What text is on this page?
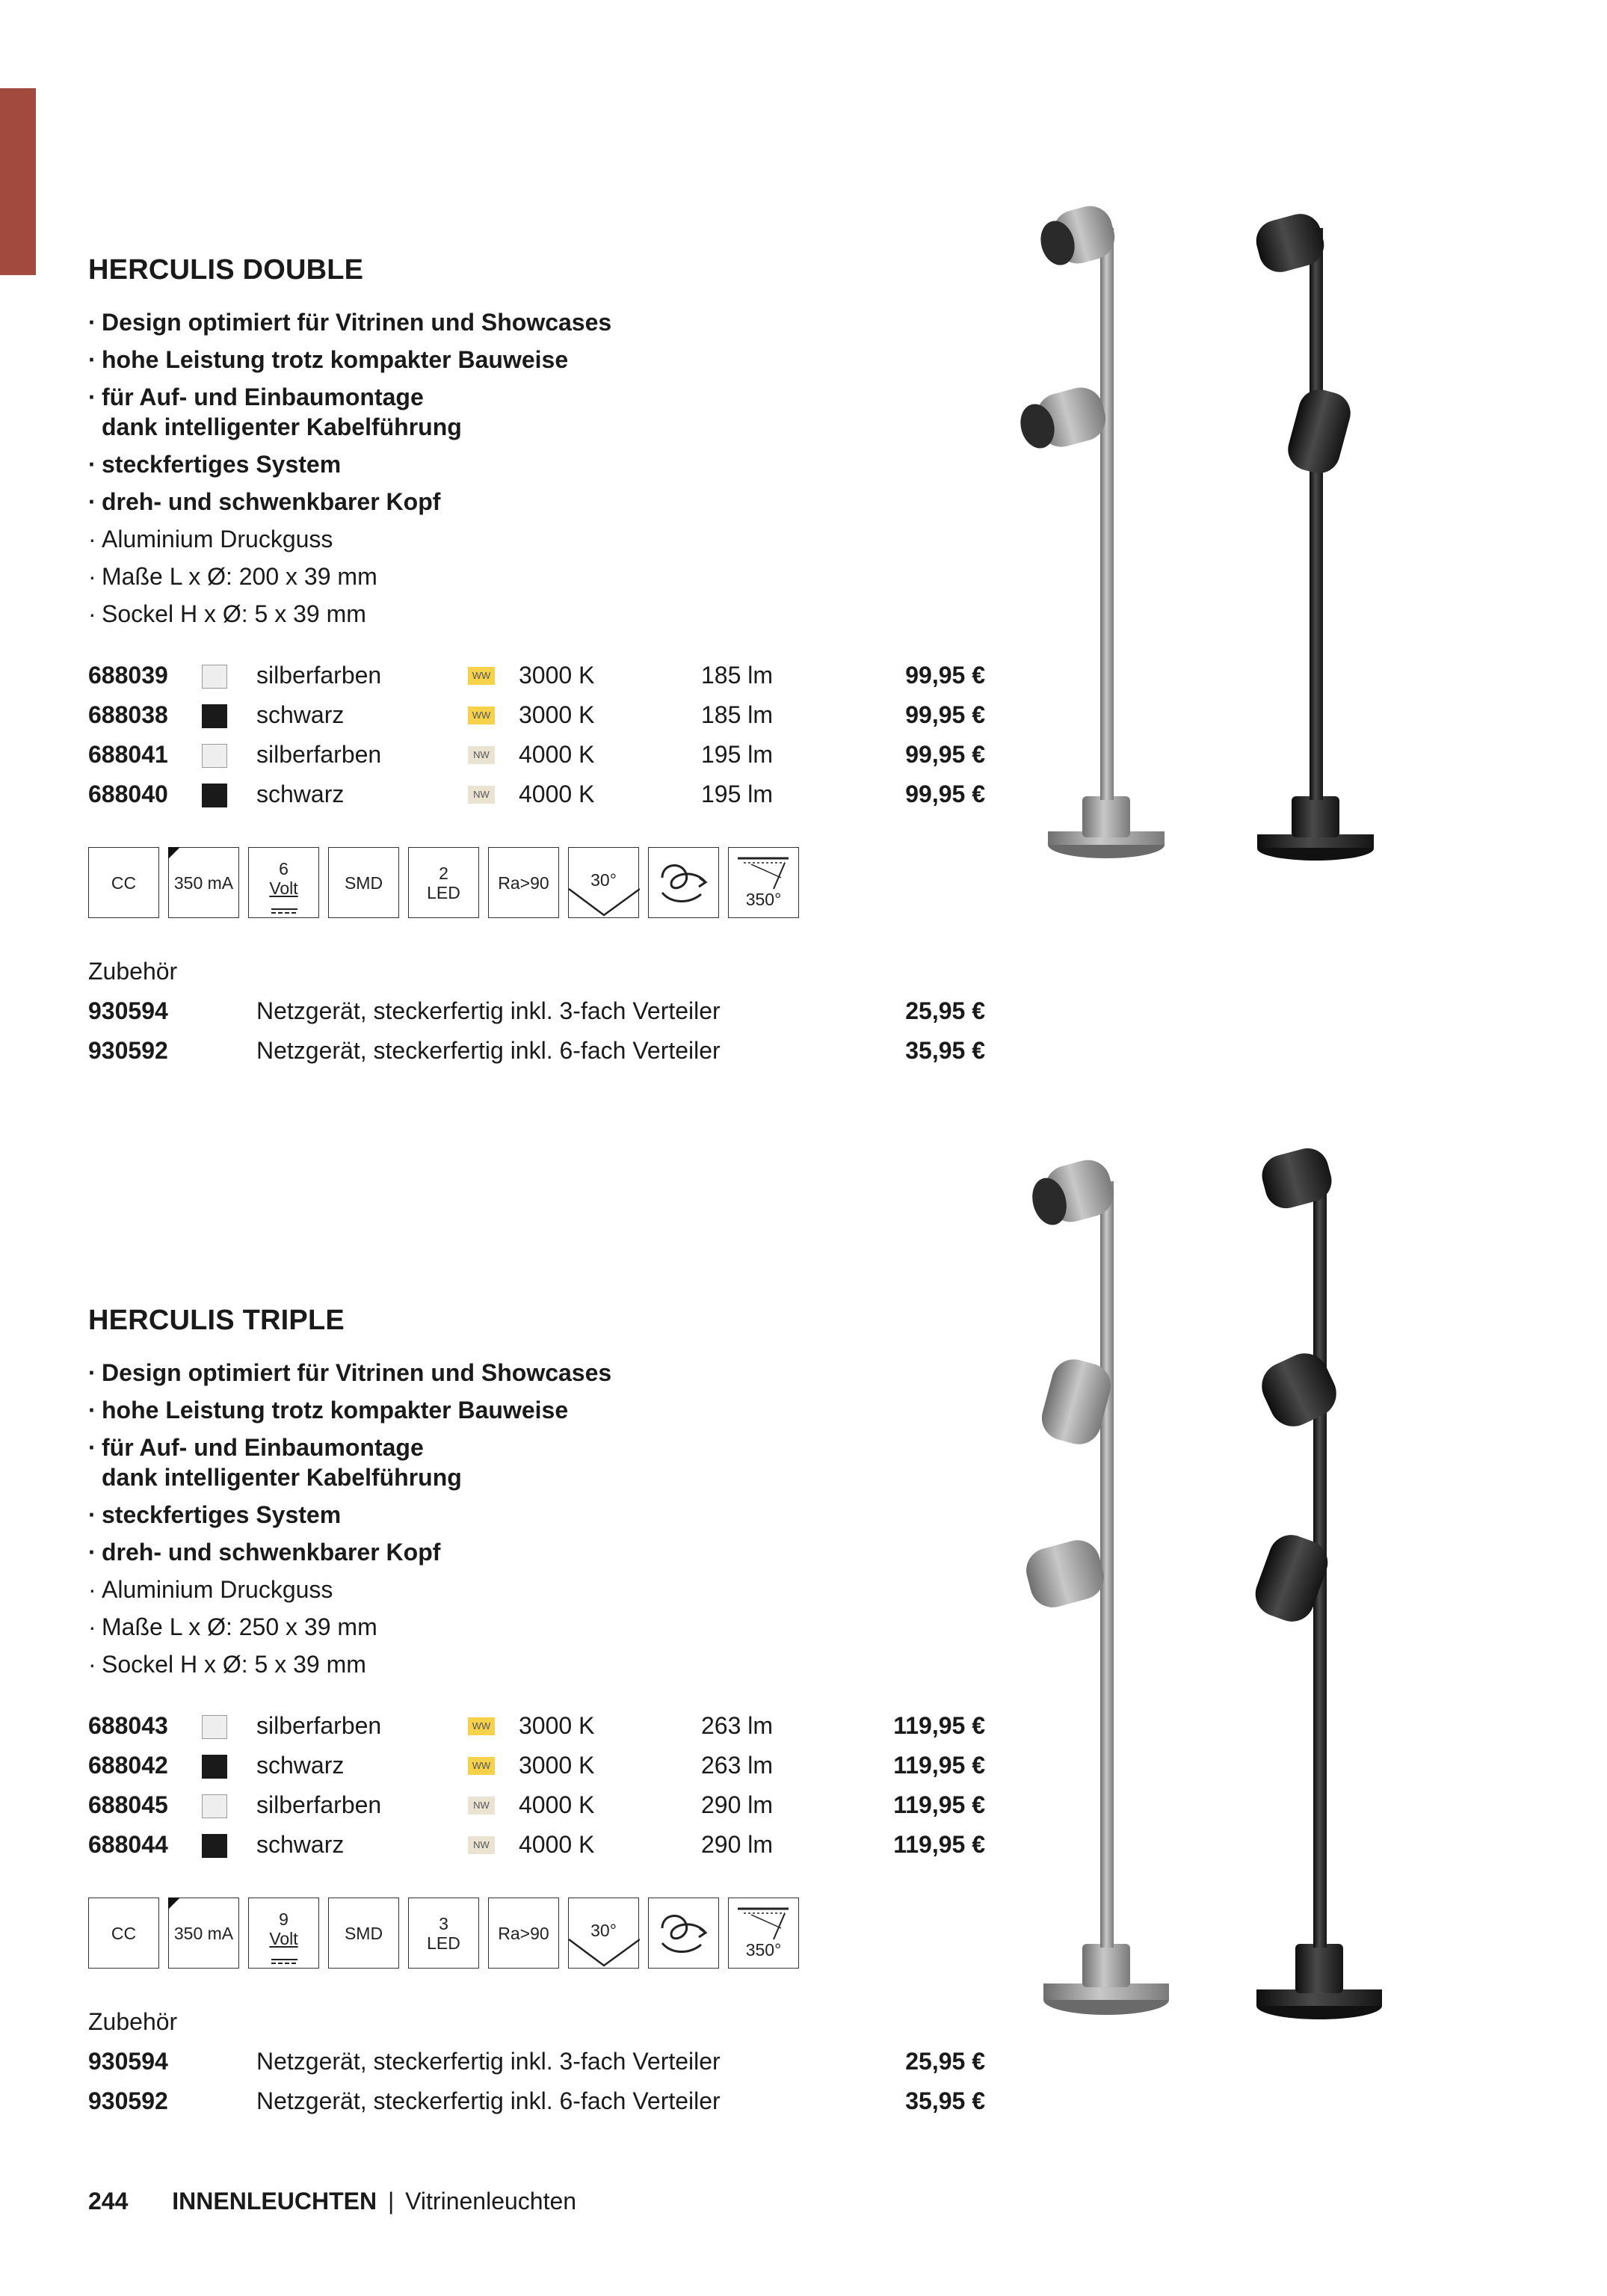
HERCULIS DOUBLE
· Design optimiert für Vitrinen und Showcases
· hohe Leistung trotz kompakter Bauweise
· für Auf- und Einbaumontage
dank intelligenter Kabelführung
· steckfertiges System
· dreh- und schwenkbarer Kopf
· Aluminium Druckguss
· Maße L x Ø: 200 x 39 mm
· Sockel H x Ø: 5 x 39 mm
688039	silberfarben	WW 3000 K	185 lm	99,95 €
688038	schwarz	WW 3000 K	185 lm	99,95 €
688041	silberfarben	NW 4000 K	195 lm	99,95 €
688040	schwarz	NW 4000 K	195 lm	99,95 €
CC	350 mA
6
Volt	SMD	2
LED	Ra>90	30°
350°
Zubehör
930594	Netzgerät, steckerfertig inkl. 3-fach Verteiler	25,95 €
930592	Netzgerät, steckerfertig inkl. 6-fach Verteiler	35,95 €
HERCULIS TRIPLE
· Design optimiert für Vitrinen und Showcases
· hohe Leistung trotz kompakter Bauweise
· für Auf- und Einbaumontage
dank intelligenter Kabelführung
· steckfertiges System
· dreh- und schwenkbarer Kopf
· Aluminium Druckguss
· Maße L x Ø: 250 x 39 mm
· Sockel H x Ø: 5 x 39 mm
688043	silberfarben	WW 3000 K	263 lm	119,95 €
688042	schwarz	WW 3000 K	263 lm	119,95 €
688045	silberfarben	NW 4000 K	290 lm	119,95 €
688044	schwarz	NW 4000 K	290 lm	119,95 €
CC	350 mA
9
Volt	SMD	3
LED	Ra>90	30°
350°
Zubehör
930594	Netzgerät, steckerfertig inkl. 3-fach Verteiler	25,95 €
930592	Netzgerät, steckerfertig inkl. 6-fach Verteiler	35,95 €
244 INNENLEUCHTEN | Vitrinenleuchten
